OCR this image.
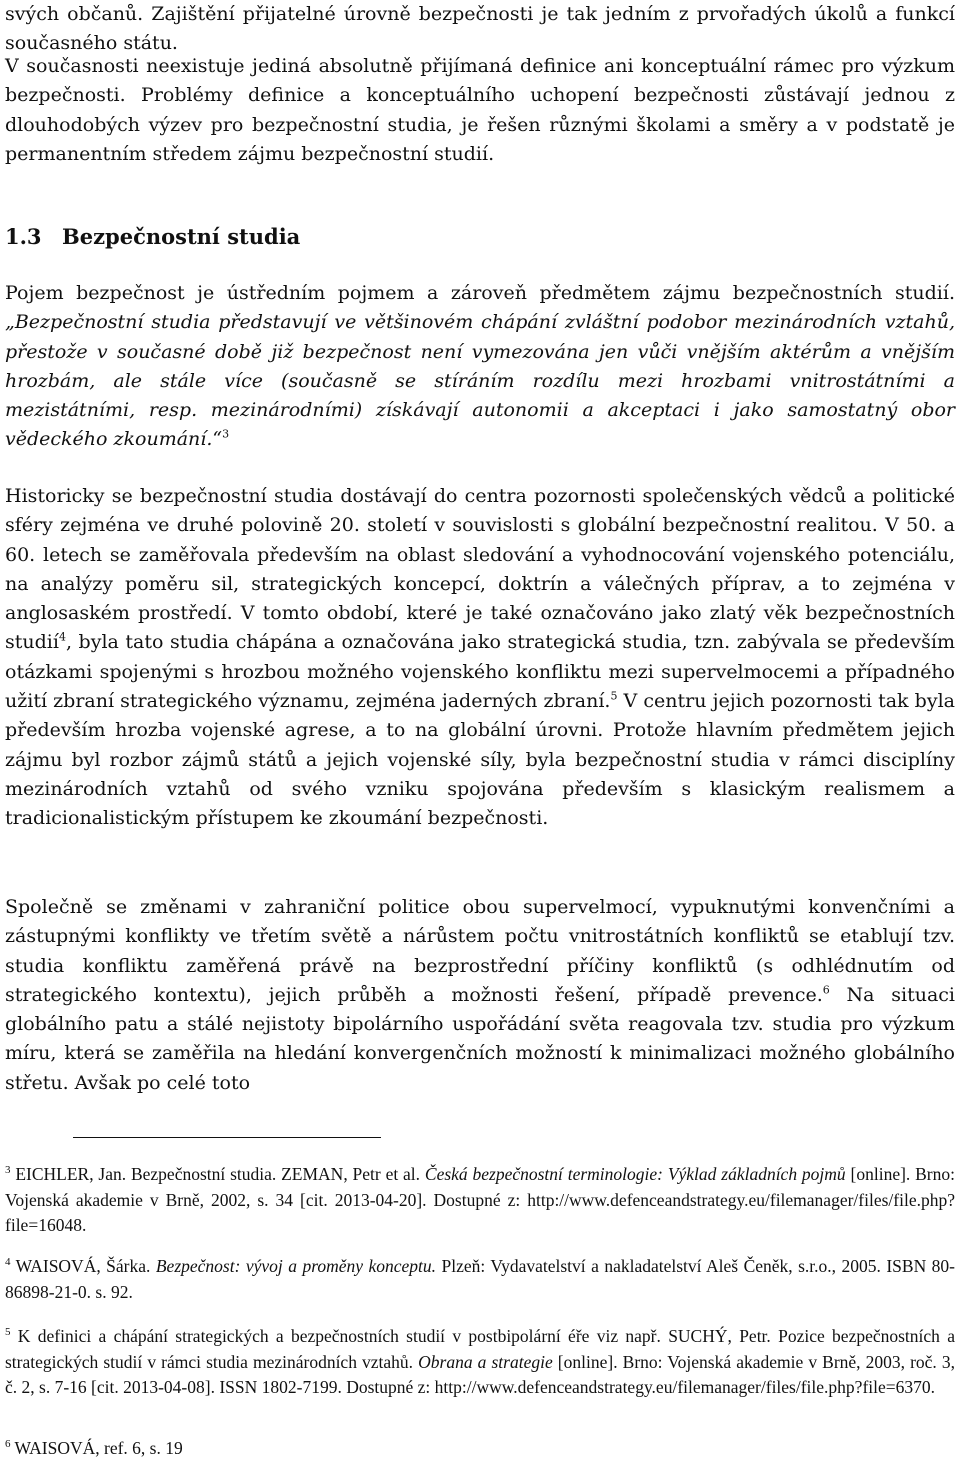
svých občanů. Zajištění přijatelné úrovně bezpečnosti je tak jedním z prvořadých úkolů a funkcí současného státu.

V současnosti neexistuje jediná absolutně přijímaná definice ani konceptuální rámec pro výzkum bezpečnosti. Problémy definice a konceptuálního uchopení bezpečnosti zůstávají jednou z dlouhodobých výzev pro bezpečnostní studia, je řešen různými školami a směry a v podstatě je permanentním středem zájmu bezpečnostní studií.

1.3 Bezpečnostní studia

Pojem bezpečnost je ústředním pojmem a zároveň předmětem zájmu bezpečnostních studií. „Bezpečnostní studia představují ve většinovém chápání zvláštní podobor mezinárodních vztahů, přestože v současné době již bezpečnost není vymezována jen vůči vnějším aktérům a vnějším hrozbám, ale stále více (současně se stíráním rozdílu mezi hrozbami vnitrostátními a mezistátními, resp. mezinárodními) získávají autonomii a akceptaci i jako samostatný obor vědeckého zkoumání.“$^3$

Historicky se bezpečnostní studia dostávají do centra pozornosti společenských vědců a politické sféry zejména ve druhé polovině 20. století v souvislosti s globální bezpečnostní realitou. V 50. a 60. letech se zaměřovala především na oblast sledování a vyhodnocování vojenského potenciálu, na analýzy poměru sil, strategických koncepcí, doktrín a válečných příprav, a to zejména v anglosaském prostředí. V tomto období, které je také označováno jako zlatý věk bezpečnostních studií$^4$, byla tato studia chápána a označována jako strategická studia, tzn. zabývala se především otázkami spojenými s hrozbou možného vojenského konfliktu mezi supervelmocemi a případného užití zbraní strategického významu, zejména jaderných zbraní.$^5$ V centru jejich pozornosti tak byla především hrozba vojenské agrese, a to na globální úrovni. Protože hlavním předmětem jejich zájmu byl rozbor zájmů států a jejich vojenské síly, byla bezpečnostní studia v rámci disciplíny mezinárodních vztahů od svého vzniku spojována především s klasickým realismem a tradicionalistickým přístupem ke zkoumání bezpečnosti.

Společně se změnami v zahraniční politice obou supervelmocí, vypuknutými konvenčními a zástupnými konflikty ve třetím světě a nárůstem počtu vnitrostátních konfliktů se etablují tzv. studia konfliktu zaměřená právě na bezprostřední příčiny konfliktů (s odhlédnutím od strategického kontextu), jejich průběh a možnosti řešení, případě prevence.$^6$ Na situaci globálního patu a stálé nejistoty bipolárního uspořádání světa reagovala tzv. studia pro výzkum míru, která se zaměřila na hledání konvergenčních možností k minimalizaci možného globálního střetu. Avšak po celé toto

$^3$ EICHLER, Jan. Bezpečnostní studia. ZEMAN, Petr et al. Česká bezpečnostní terminologie: Výklad základních pojmů [online]. Brno: Vojenská akademie v Brně, 2002, s. 34 [cit. 2013-04-20]. Dostupné z: http://www.defenceandstrategy.eu/filemanager/files/file.php?file=16048.

$^4$ WAISOVÁ, Šárka. Bezpečnost: vývoj a proměny konceptu. Plzeň: Vydavatelství a nakladatelství Aleš Čeněk, s.r.o., 2005. ISBN 80-86898-21-0. s. 92.

$^5$ K definici a chápání strategických a bezpečnostních studií v postbipolární éře viz např. SUCHÝ, Petr. Pozice bezpečnostních a strategických studií v rámci studia mezinárodních vztahů. Obrana a strategie [online]. Brno: Vojenská akademie v Brně, 2003, roč. 3, č. 2, s. 7-16 [cit. 2013-04-08]. ISSN 1802-7199. Dostupné z: http://www.defenceandstrategy.eu/filemanager/files/file.php?file=6370.

$^6$ WAISOVÁ, ref. 6, s. 19
